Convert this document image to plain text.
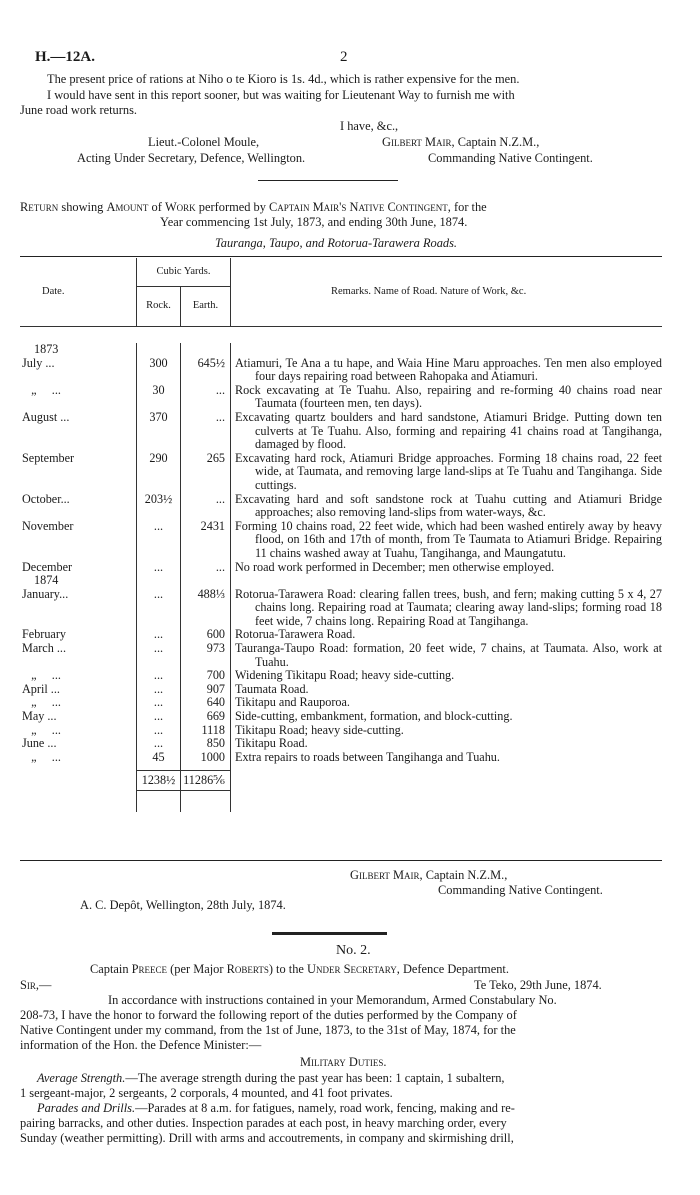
H.—12A.	2
The present price of rations at Niho o te Kioro is 1s. 4d., which is rather expensive for the men.
I would have sent in this report sooner, but was waiting for Lieutenant Way to furnish me with
June road work returns.
I have, &c.,
Lieut.-Colonel Moule,	Gilbert Mair, Captain N.Z.M.,
Acting Under Secretary, Defence, Wellington.	Commanding Native Contingent.
Return showing Amount of Work performed by Captain Mair's Native Contingent, for the
Year commencing 1st July, 1873, and ending 30th June, 1874.
Tauranga, Taupo, and Rotorua-Tarawera Roads.
Date.	Cubic Yards.		Remarks. Name of Road. Nature of Work, &c.
	Rock.	Earth.	

1873			

July ...	300	645½	Atiamuri, Te Ana a tu hape, and Waia Hine Maru approaches. Ten men also employed four days repairing road between Rahopaka and Atiamuri.

„     ...	30	...	Rock excavating at Te Tuahu. Also, repairing and re-forming 40 chains road near Taumata (fourteen men, ten days).

August ...	370	...	Excavating quartz boulders and hard sandstone, Atiamuri Bridge. Putting down ten culverts at Te Tuahu. Also, forming and repairing 41 chains road at Tangihanga, damaged by flood.

September	290	265	Excavating hard rock, Atiamuri Bridge approaches. Forming 18 chains road, 22 feet wide, at Taumata, and removing large land-slips at Te Tuahu and Tangihanga. Side cuttings.

October...	203½	...	Excavating hard and soft sandstone rock at Tuahu cutting and Atiamuri Bridge approaches; also removing land-slips from water-ways, &c.

November	...	2431	Forming 10 chains road, 22 feet wide, which had been washed entirely away by heavy flood, on 16th and 17th of month, from Te Taumata to Atiamuri Bridge. Repairing 11 chains washed away at Tuahu, Tangihanga, and Maungatutu.

December	...	...	No road work performed in December; men otherwise employed.

1874			

January...	...	488⅓	Rotorua-Tarawera Road: clearing fallen trees, bush, and fern; making cutting 5 x 4, 27 chains long. Repairing road at Taumata; clearing away land-slips; forming road 18 feet wide, 7 chains long. Repairing Road at Tangihanga.

February	...	600	Rotorua-Tarawera Road.

March ...	...	973	Tauranga-Taupo Road: formation, 20 feet wide, 7 chains, at Taumata. Also, work at Tuahu.

„     ...	...	700	Widening Tikitapu Road; heavy side-cutting.

April ...	...	907	Taumata Road.

„     ...	...	640	Tikitapu and Rauporoa.

May ...	...	669	Side-cutting, embankment, formation, and block-cutting.

„     ...	...	1118	Tikitapu Road; heavy side-cutting.

June ...	...	850	Tikitapu Road.

„     ...	45	1000	Extra repairs to roads between Tangihanga and Tuahu.

	1238½	11286⅚	

Gilbert Mair, Captain N.Z.M.,
Commanding Native Contingent.
A. C. Depôt, Wellington, 28th July, 1874.
No. 2.
Captain Preece (per Major Roberts) to the Under Secretary, Defence Department.
Sir,—	Te Teko, 29th June, 1874.
In accordance with instructions contained in your Memorandum, Armed Constabulary No.
208-73, I have the honor to forward the following report of the duties performed by the Company of
Native Contingent under my command, from the 1st of June, 1873, to the 31st of May, 1874, for the
information of the Hon. the Defence Minister:—
Military Duties.
Average Strength.—The average strength during the past year has been: 1 captain, 1 subaltern,
1 sergeant-major, 2 sergeants, 2 corporals, 4 mounted, and 41 foot privates.
Parades and Drills.—Parades at 8 a.m. for fatigues, namely, road work, fencing, making and re-
pairing barracks, and other duties. Inspection parades at each post, in heavy marching order, every
Sunday (weather permitting). Drill with arms and accoutrements, in company and skirmishing drill,
